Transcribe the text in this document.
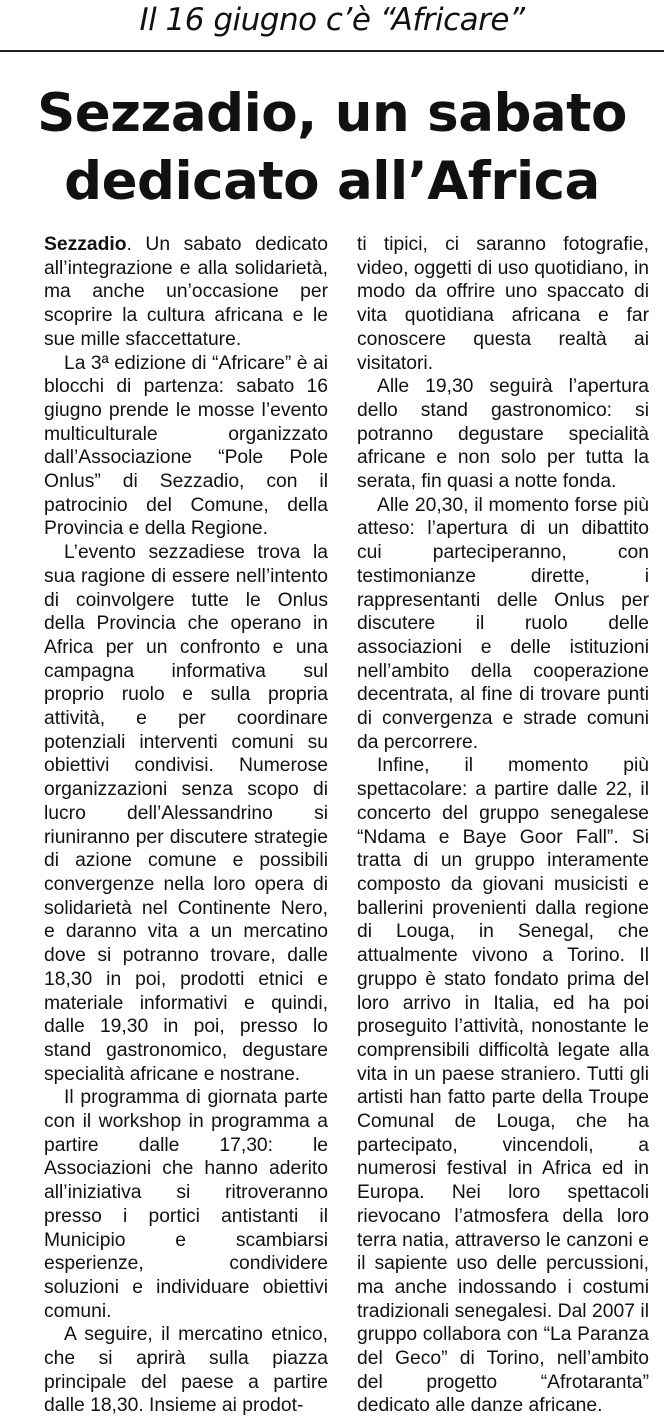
Il 16 giugno c’è “Africare”
Sezzadio, un sabato
dedicato all’Africa

Sezzadio. Un sabato dedicato all’integrazione e alla solidarietà, ma anche un’occasione per scoprire la cultura africana e le sue mille sfaccettature.

La 3ª edizione di “Africare” è ai blocchi di partenza: sabato 16 giugno prende le mosse l’evento multiculturale organizzato dall’Associazione “Pole Pole Onlus” di Sezzadio, con il patrocinio del Comune, della Provincia e della Regione.

L’evento sezzadiese trova la sua ragione di essere nell’intento di coinvolgere tutte le Onlus della Provincia che operano in Africa per un confronto e una campagna informativa sul proprio ruolo e sulla propria attività, e per coordinare potenziali interventi comuni su obiettivi condivisi. Numerose organizzazioni senza scopo di lucro dell’Alessandrino si riuniranno per discutere strategie di azione comune e possibili convergenze nella loro opera di solidarietà nel Continente Nero, e daranno vita a un mercatino dove si potranno trovare, dalle 18,30 in poi, prodotti etnici e materiale informativi e quindi, dalle 19,30 in poi, presso lo stand gastronomico, degustare specialità africane e nostrane.

Il programma di giornata parte con il workshop in programma a partire dalle 17,30: le Associazioni che hanno aderito all’iniziativa si ritroveranno presso i portici antistanti il Municipio e scambiarsi esperienze, condividere soluzioni e individuare obiettivi comuni.

A seguire, il mercatino etnico, che si aprirà sulla piazza principale del paese a partire dalle 18,30. Insieme ai prodot-

ti tipici, ci saranno fotografie, video, oggetti di uso quotidiano, in modo da offrire uno spaccato di vita quotidiana africana e far conoscere questa realtà ai visitatori.

Alle 19,30 seguirà l’apertura dello stand gastronomico: si potranno degustare specialità africane e non solo per tutta la serata, fin quasi a notte fonda.

Alle 20,30, il momento forse più atteso: l’apertura di un dibattito cui parteciperanno, con testimonianze dirette, i rappresentanti delle Onlus per discutere il ruolo delle associazioni e delle istituzioni nell’ambito della cooperazione decentrata, al fine di trovare punti di convergenza e strade comuni da percorrere.

Infine, il momento più spettacolare: a partire dalle 22, il concerto del gruppo senegalese “Ndama e Baye Goor Fall”. Si tratta di un gruppo interamente composto da giovani musicisti e ballerini provenienti dalla regione di Louga, in Senegal, che attualmente vivono a Torino. Il gruppo è stato fondato prima del loro arrivo in Italia, ed ha poi proseguito l’attività, nonostante le comprensibili difficoltà legate alla vita in un paese straniero. Tutti gli artisti han fatto parte della Troupe Comunal de Louga, che ha partecipato, vincendoli, a numerosi festival in Africa ed in Europa. Nei loro spettacoli rievocano l’atmosfera della loro terra natia, attraverso le canzoni e il sapiente uso delle percussioni, ma anche indossando i costumi tradizionali senegalesi. Dal 2007 il gruppo collabora con “La Paranza del Geco” di Torino, nell’ambito del progetto “Afrotaranta” dedicato alle danze africane.
